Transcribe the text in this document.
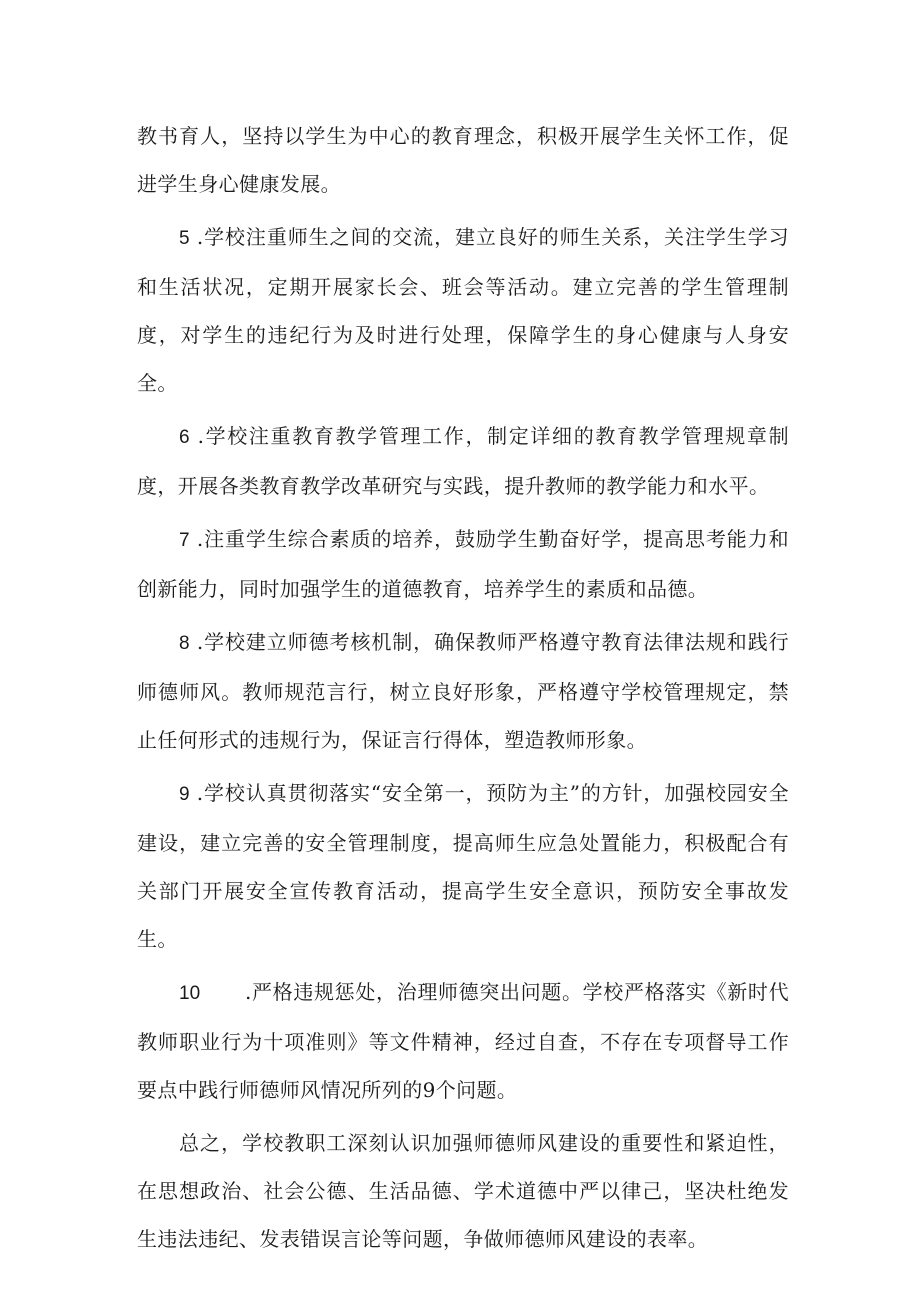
教书育人，坚持以学生为中心的教育理念，积极开展学生关怀工作，促进学生身心健康发展。

5 .学校注重师生之间的交流，建立良好的师生关系，关注学生学习和生活状况，定期开展家长会、班会等活动。建立完善的学生管理制度，对学生的违纪行为及时进行处理，保障学生的身心健康与人身安全。

6 .学校注重教育教学管理工作，制定详细的教育教学管理规章制度，开展各类教育教学改革研究与实践，提升教师的教学能力和水平。

7 .注重学生综合素质的培养，鼓励学生勤奋好学，提高思考能力和创新能力，同时加强学生的道德教育，培养学生的素质和品德。

8 .学校建立师德考核机制，确保教师严格遵守教育法律法规和践行师德师风。教师规范言行，树立良好形象，严格遵守学校管理规定，禁止任何形式的违规行为，保证言行得体，塑造教师形象。

9 .学校认真贯彻落实“安全第一，预防为主”的方针，加强校园安全建设，建立完善的安全管理制度，提高师生应急处置能力，积极配合有关部门开展安全宣传教育活动，提高学生安全意识，预防安全事故发生。

10 .严格违规惩处，治理师德突出问题。学校严格落实《新时代教师职业行为十项准则》等文件精神，经过自查，不存在专项督导工作要点中践行师德师风情况所列的9个问题。

总之，学校教职工深刻认识加强师德师风建设的重要性和紧迫性，在思想政治、社会公德、生活品德、学术道德中严以律己，坚决杜绝发生违法违纪、发表错误言论等问题，争做师德师风建设的表率。
